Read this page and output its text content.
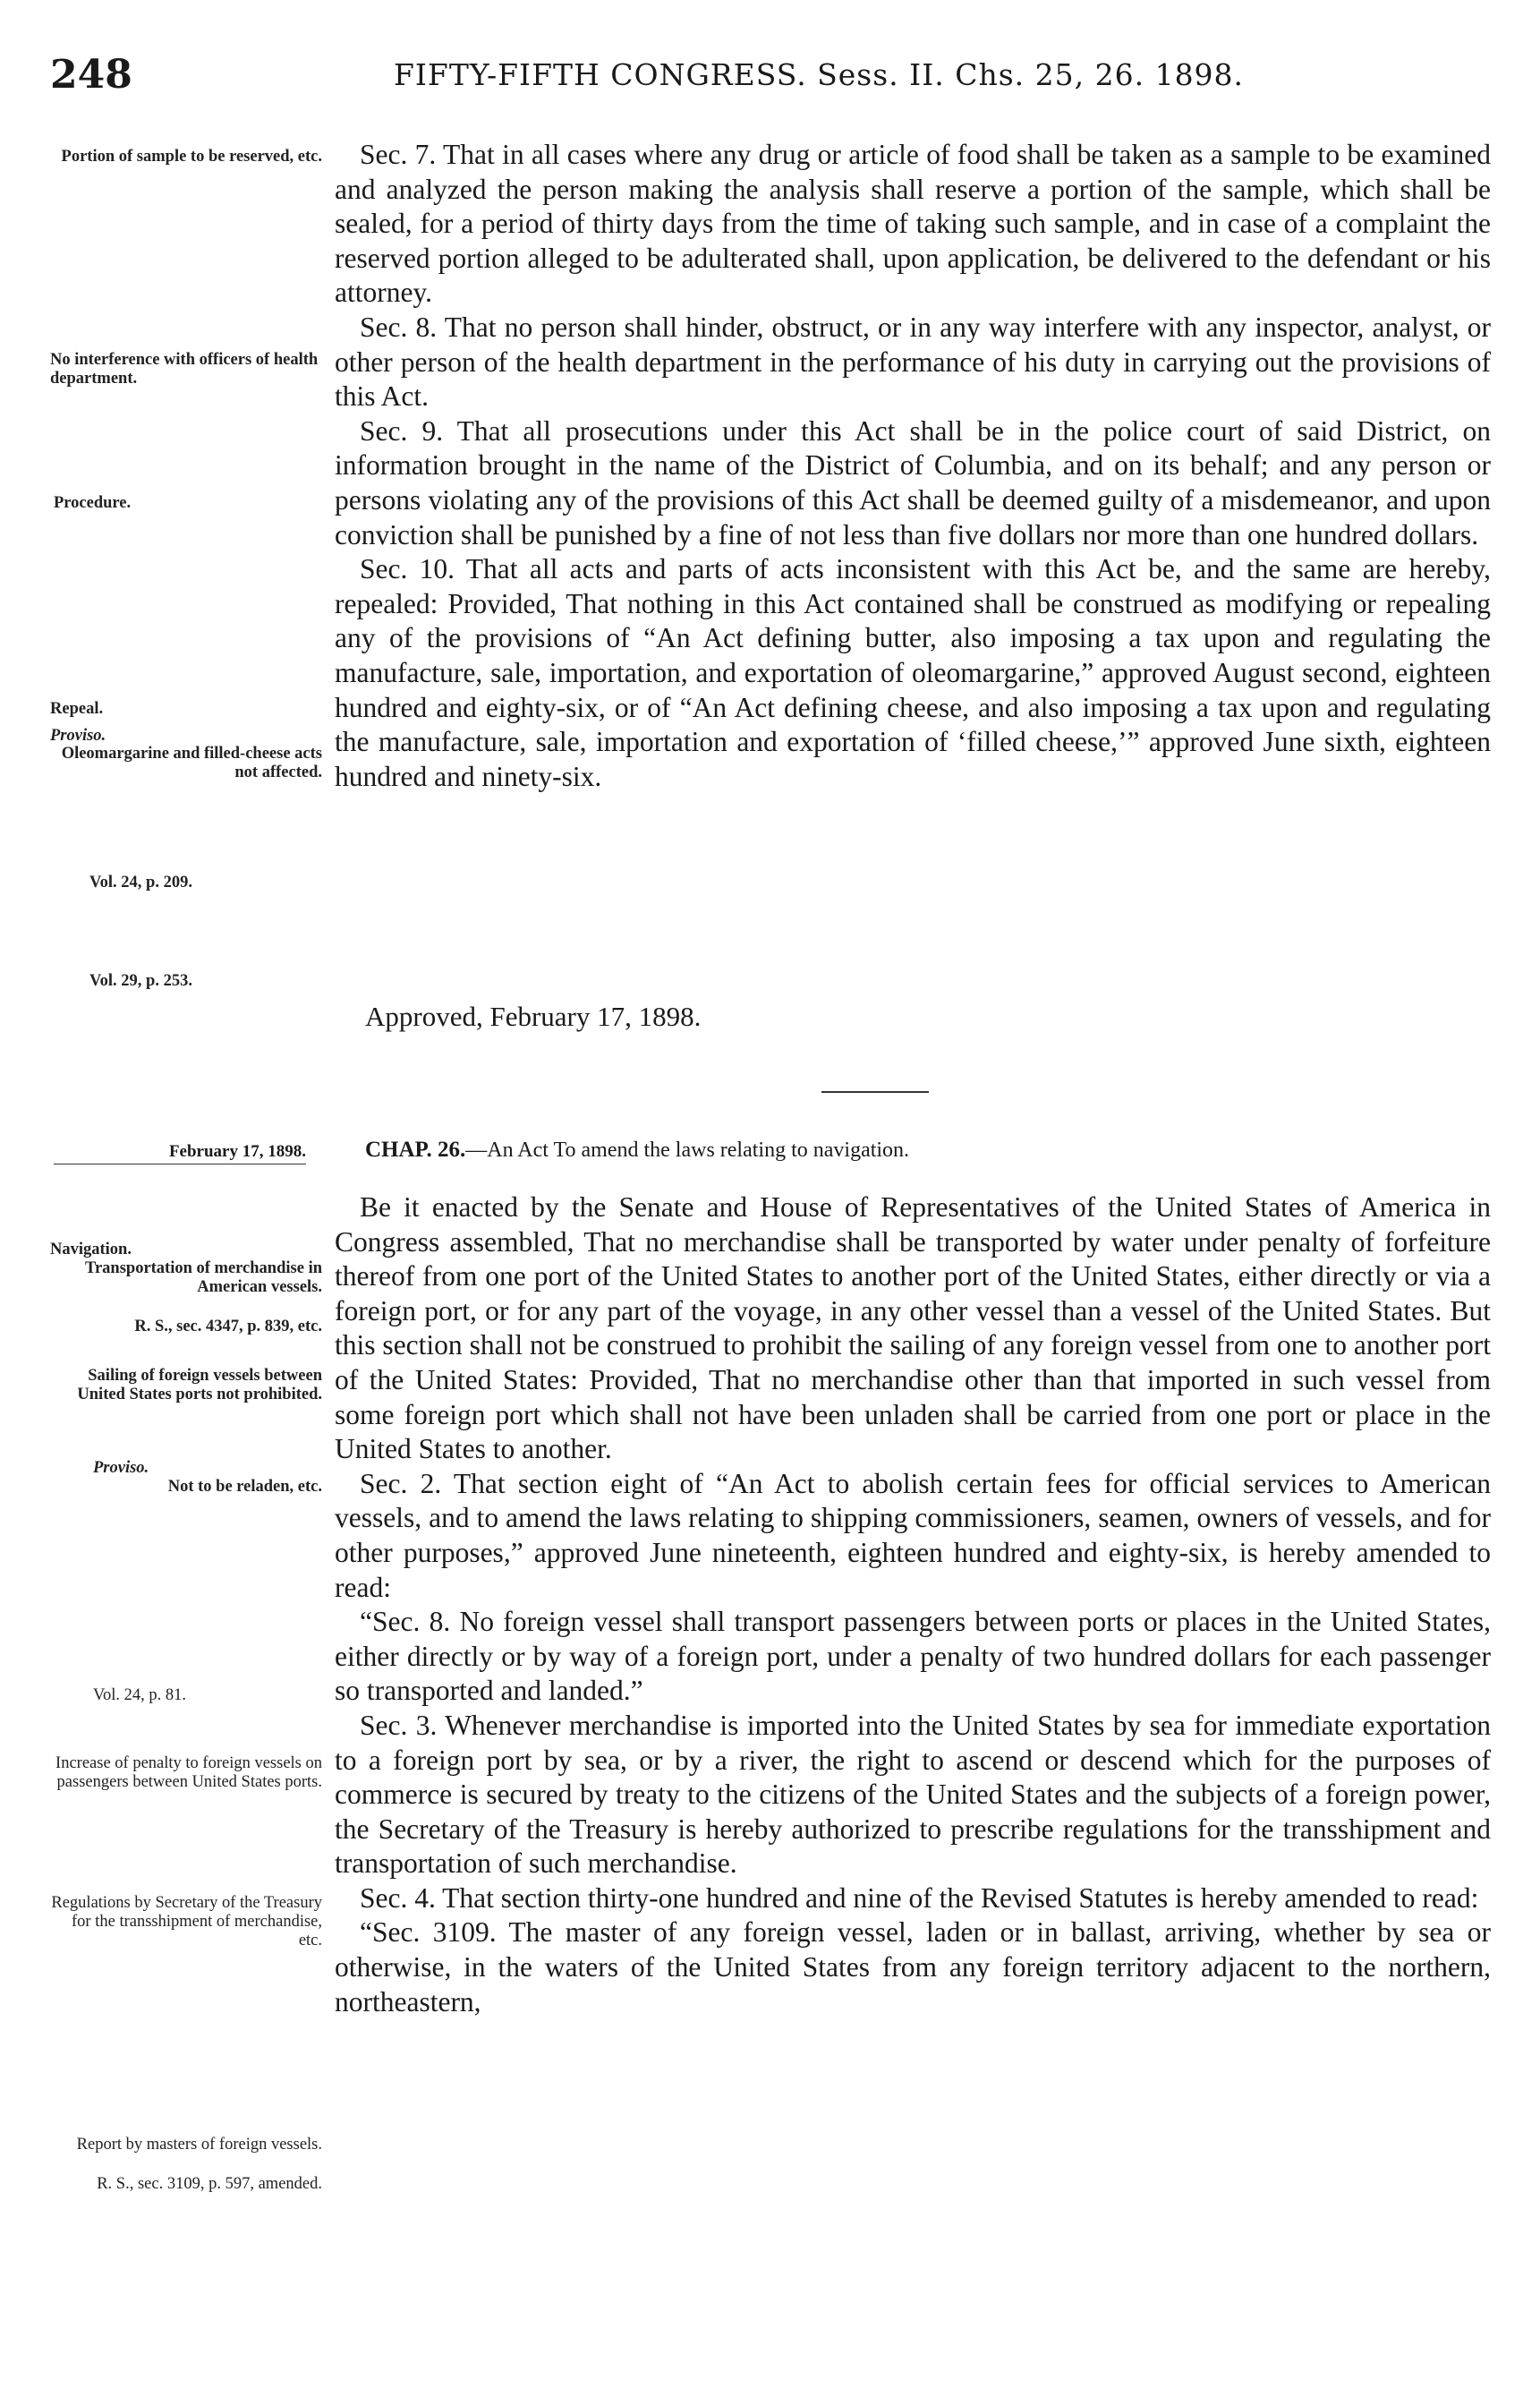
248	FIFTY-FIFTH CONGRESS. Sess. II. Chs. 25, 26. 1898.
Portion of sample to be reserved, etc.
No interference with officers of health department.
Procedure.
Repeal.
Proviso.
Oleomargarine and filled-cheese acts not affected.
Vol. 24, p. 209.
Vol. 29, p. 253.
February 17, 1898.
Navigation.
Transportation of merchandise in American vessels.
R. S., sec. 4347, p. 839, etc.
Sailing of foreign vessels between United States ports not prohibited.
Proviso.
Not to be reladen, etc.
Vol. 24, p. 81.
Increase of penalty to foreign vessels on passengers between United States ports.
Regulations by Secretary of the Treasury for the transshipment of merchandise, etc.
Report by masters of foreign vessels.
R. S., sec. 3109, p. 597, amended.

Sec. 7. That in all cases where any drug or article of food shall be taken as a sample to be examined and analyzed the person making the analysis shall reserve a portion of the sample, which shall be sealed, for a period of thirty days from the time of taking such sample, and in case of a complaint the reserved portion alleged to be adulterated shall, upon application, be delivered to the defendant or his attorney.

Sec. 8. That no person shall hinder, obstruct, or in any way interfere with any inspector, analyst, or other person of the health department in the performance of his duty in carrying out the provisions of this Act.

Sec. 9. That all prosecutions under this Act shall be in the police court of said District, on information brought in the name of the District of Columbia, and on its behalf; and any person or persons violating any of the provisions of this Act shall be deemed guilty of a misdemeanor, and upon conviction shall be punished by a fine of not less than five dollars nor more than one hundred dollars.

Sec. 10. That all acts and parts of acts inconsistent with this Act be, and the same are hereby, repealed: Provided, That nothing in this Act contained shall be construed as modifying or repealing any of the provisions of “An Act defining butter, also imposing a tax upon and regulating the manufacture, sale, importation, and exportation of oleomargarine,” approved August second, eighteen hundred and eighty-six, or of “An Act defining cheese, and also imposing a tax upon and regulating the manufacture, sale, importation and exportation of ‘filled cheese,’” approved June sixth, eighteen hundred and ninety-six.

Approved, February 17, 1898.
CHAP. 26.—An Act To amend the laws relating to navigation.

Be it enacted by the Senate and House of Representatives of the United States of America in Congress assembled, That no merchandise shall be transported by water under penalty of forfeiture thereof from one port of the United States to another port of the United States, either directly or via a foreign port, or for any part of the voyage, in any other vessel than a vessel of the United States. But this section shall not be construed to prohibit the sailing of any foreign vessel from one to another port of the United States: Provided, That no merchandise other than that imported in such vessel from some foreign port which shall not have been unladen shall be carried from one port or place in the United States to another.

Sec. 2. That section eight of “An Act to abolish certain fees for official services to American vessels, and to amend the laws relating to shipping commissioners, seamen, owners of vessels, and for other purposes,” approved June nineteenth, eighteen hundred and eighty-six, is hereby amended to read:

“Sec. 8. No foreign vessel shall transport passengers between ports or places in the United States, either directly or by way of a foreign port, under a penalty of two hundred dollars for each passenger so transported and landed.”

Sec. 3. Whenever merchandise is imported into the United States by sea for immediate exportation to a foreign port by sea, or by a river, the right to ascend or descend which for the purposes of commerce is secured by treaty to the citizens of the United States and the subjects of a foreign power, the Secretary of the Treasury is hereby authorized to prescribe regulations for the transshipment and transportation of such merchandise.

Sec. 4. That section thirty-one hundred and nine of the Revised Statutes is hereby amended to read:

“Sec. 3109. The master of any foreign vessel, laden or in ballast, arriving, whether by sea or otherwise, in the waters of the United States from any foreign territory adjacent to the northern, northeastern,
